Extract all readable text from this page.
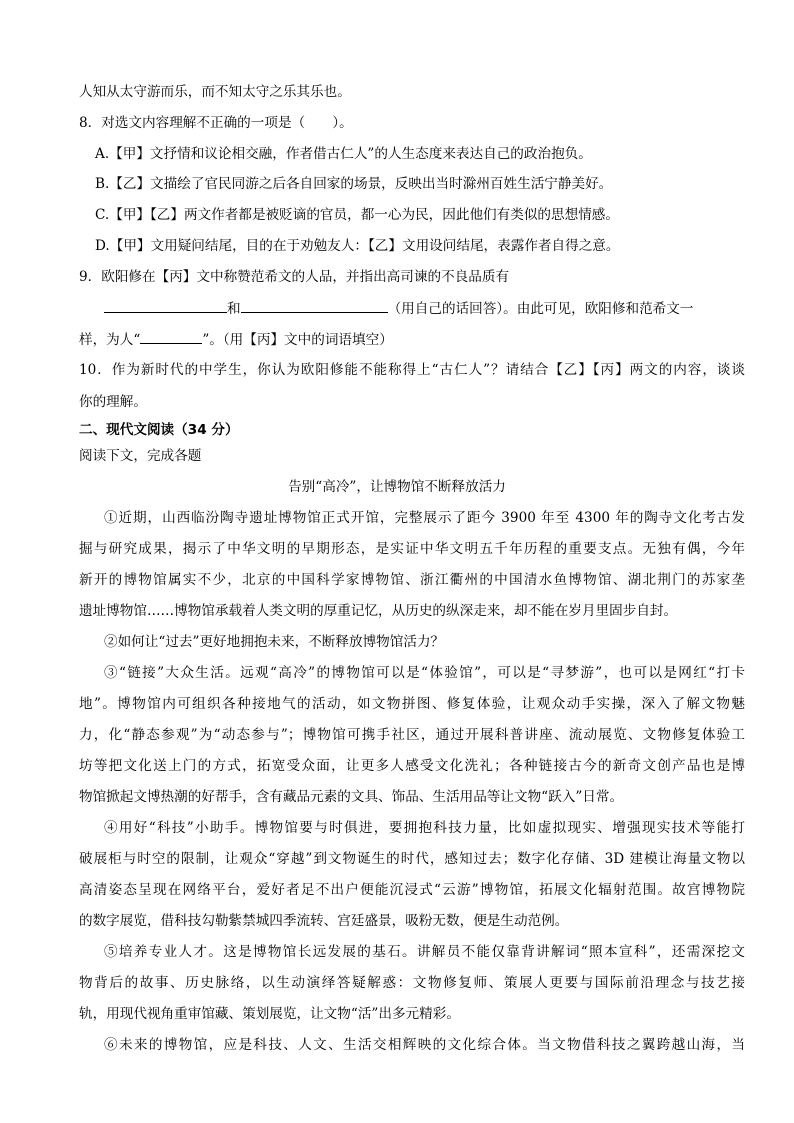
人知从太守游而乐，而不知太守之乐其乐也。
8．对选文内容理解不正确的一项是（　　）。
A.【甲】文抒情和议论相交融，作者借古仁人”的人生态度来表达自己的政治抱负。
B.【乙】文描绘了官民同游之后各自回家的场景，反映出当时滁州百姓生活宁静美好。
C.【甲】【乙】两文作者都是被贬谪的官员，都一心为民，因此他们有类似的思想情感。
D.【甲】文用疑问结尾，目的在于劝勉友人：【乙】文用设问结尾，表露作者自得之意。
9．欧阳修在【丙】文中称赞范希文的人品，并指出高司谏的不良品质有
和	（用自己的话回答）。由此可见，欧阳修和范希文一
样，为人“	”。（用【丙】文中的词语填空）
10．作为新时代的中学生，你认为欧阳修能不能称得上“古仁人”？请结合【乙】【丙】两文的内容，谈谈
你的理解。
二、现代文阅读（34 分）
阅读下文，完成各题
告别“高冷”，让博物馆不断释放活力
①近期，山西临汾陶寺遗址博物馆正式开馆，完整展示了距今 3900 年至 4300 年的陶寺文化考古发
掘与研究成果，揭示了中华文明的早期形态，是实证中华文明五千年历程的重要支点。无独有偶，今年
新开的博物馆属实不少，北京的中国科学家博物馆、浙江衢州的中国清水鱼博物馆、湖北荆门的苏家垄
遗址博物馆……博物馆承载着人类文明的厚重记忆，从历史的纵深走来，却不能在岁月里固步自封。
②如何让“过去”更好地拥抱未来，不断释放博物馆活力？
③“链接”大众生活。远观“高冷”的博物馆可以是“体验馆”，可以是“寻梦游”，也可以是网红“打卡
地”。博物馆内可组织各种接地气的活动，如文物拼图、修复体验，让观众动手实操，深入了解文物魅
力，化“静态参观”为“动态参与”；博物馆可携手社区，通过开展科普讲座、流动展览、文物修复体验工
坊等把文化送上门的方式，拓宽受众面，让更多人感受文化洗礼；各种链接古今的新奇文创产品也是博
物馆掀起文博热潮的好帮手，含有藏品元素的文具、饰品、生活用品等让文物“跃入”日常。
④用好“科技”小助手。博物馆要与时俱进，要拥抱科技力量，比如虚拟现实、增强现实技术等能打
破展柜与时空的限制，让观众“穿越”到文物诞生的时代，感知过去；数字化存储、3D 建模让海量文物以
高清姿态呈现在网络平台，爱好者足不出户便能沉浸式“云游”博物馆，拓展文化辐射范围。故宫博物院
的数字展览，借科技勾勒紫禁城四季流转、宫廷盛景，吸粉无数，便是生动范例。
⑤培养专业人才。这是博物馆长远发展的基石。讲解员不能仅靠背讲解词“照本宣科”，还需深挖文
物背后的故事、历史脉络，以生动演绎答疑解惑：文物修复师、策展人更要与国际前沿理念与技艺接
轨，用现代视角重审馆藏、策划展览，让文物“活”出多元精彩。
⑥未来的博物馆，应是科技、人文、生活交相辉映的文化综合体。当文物借科技之翼跨越山海，当
